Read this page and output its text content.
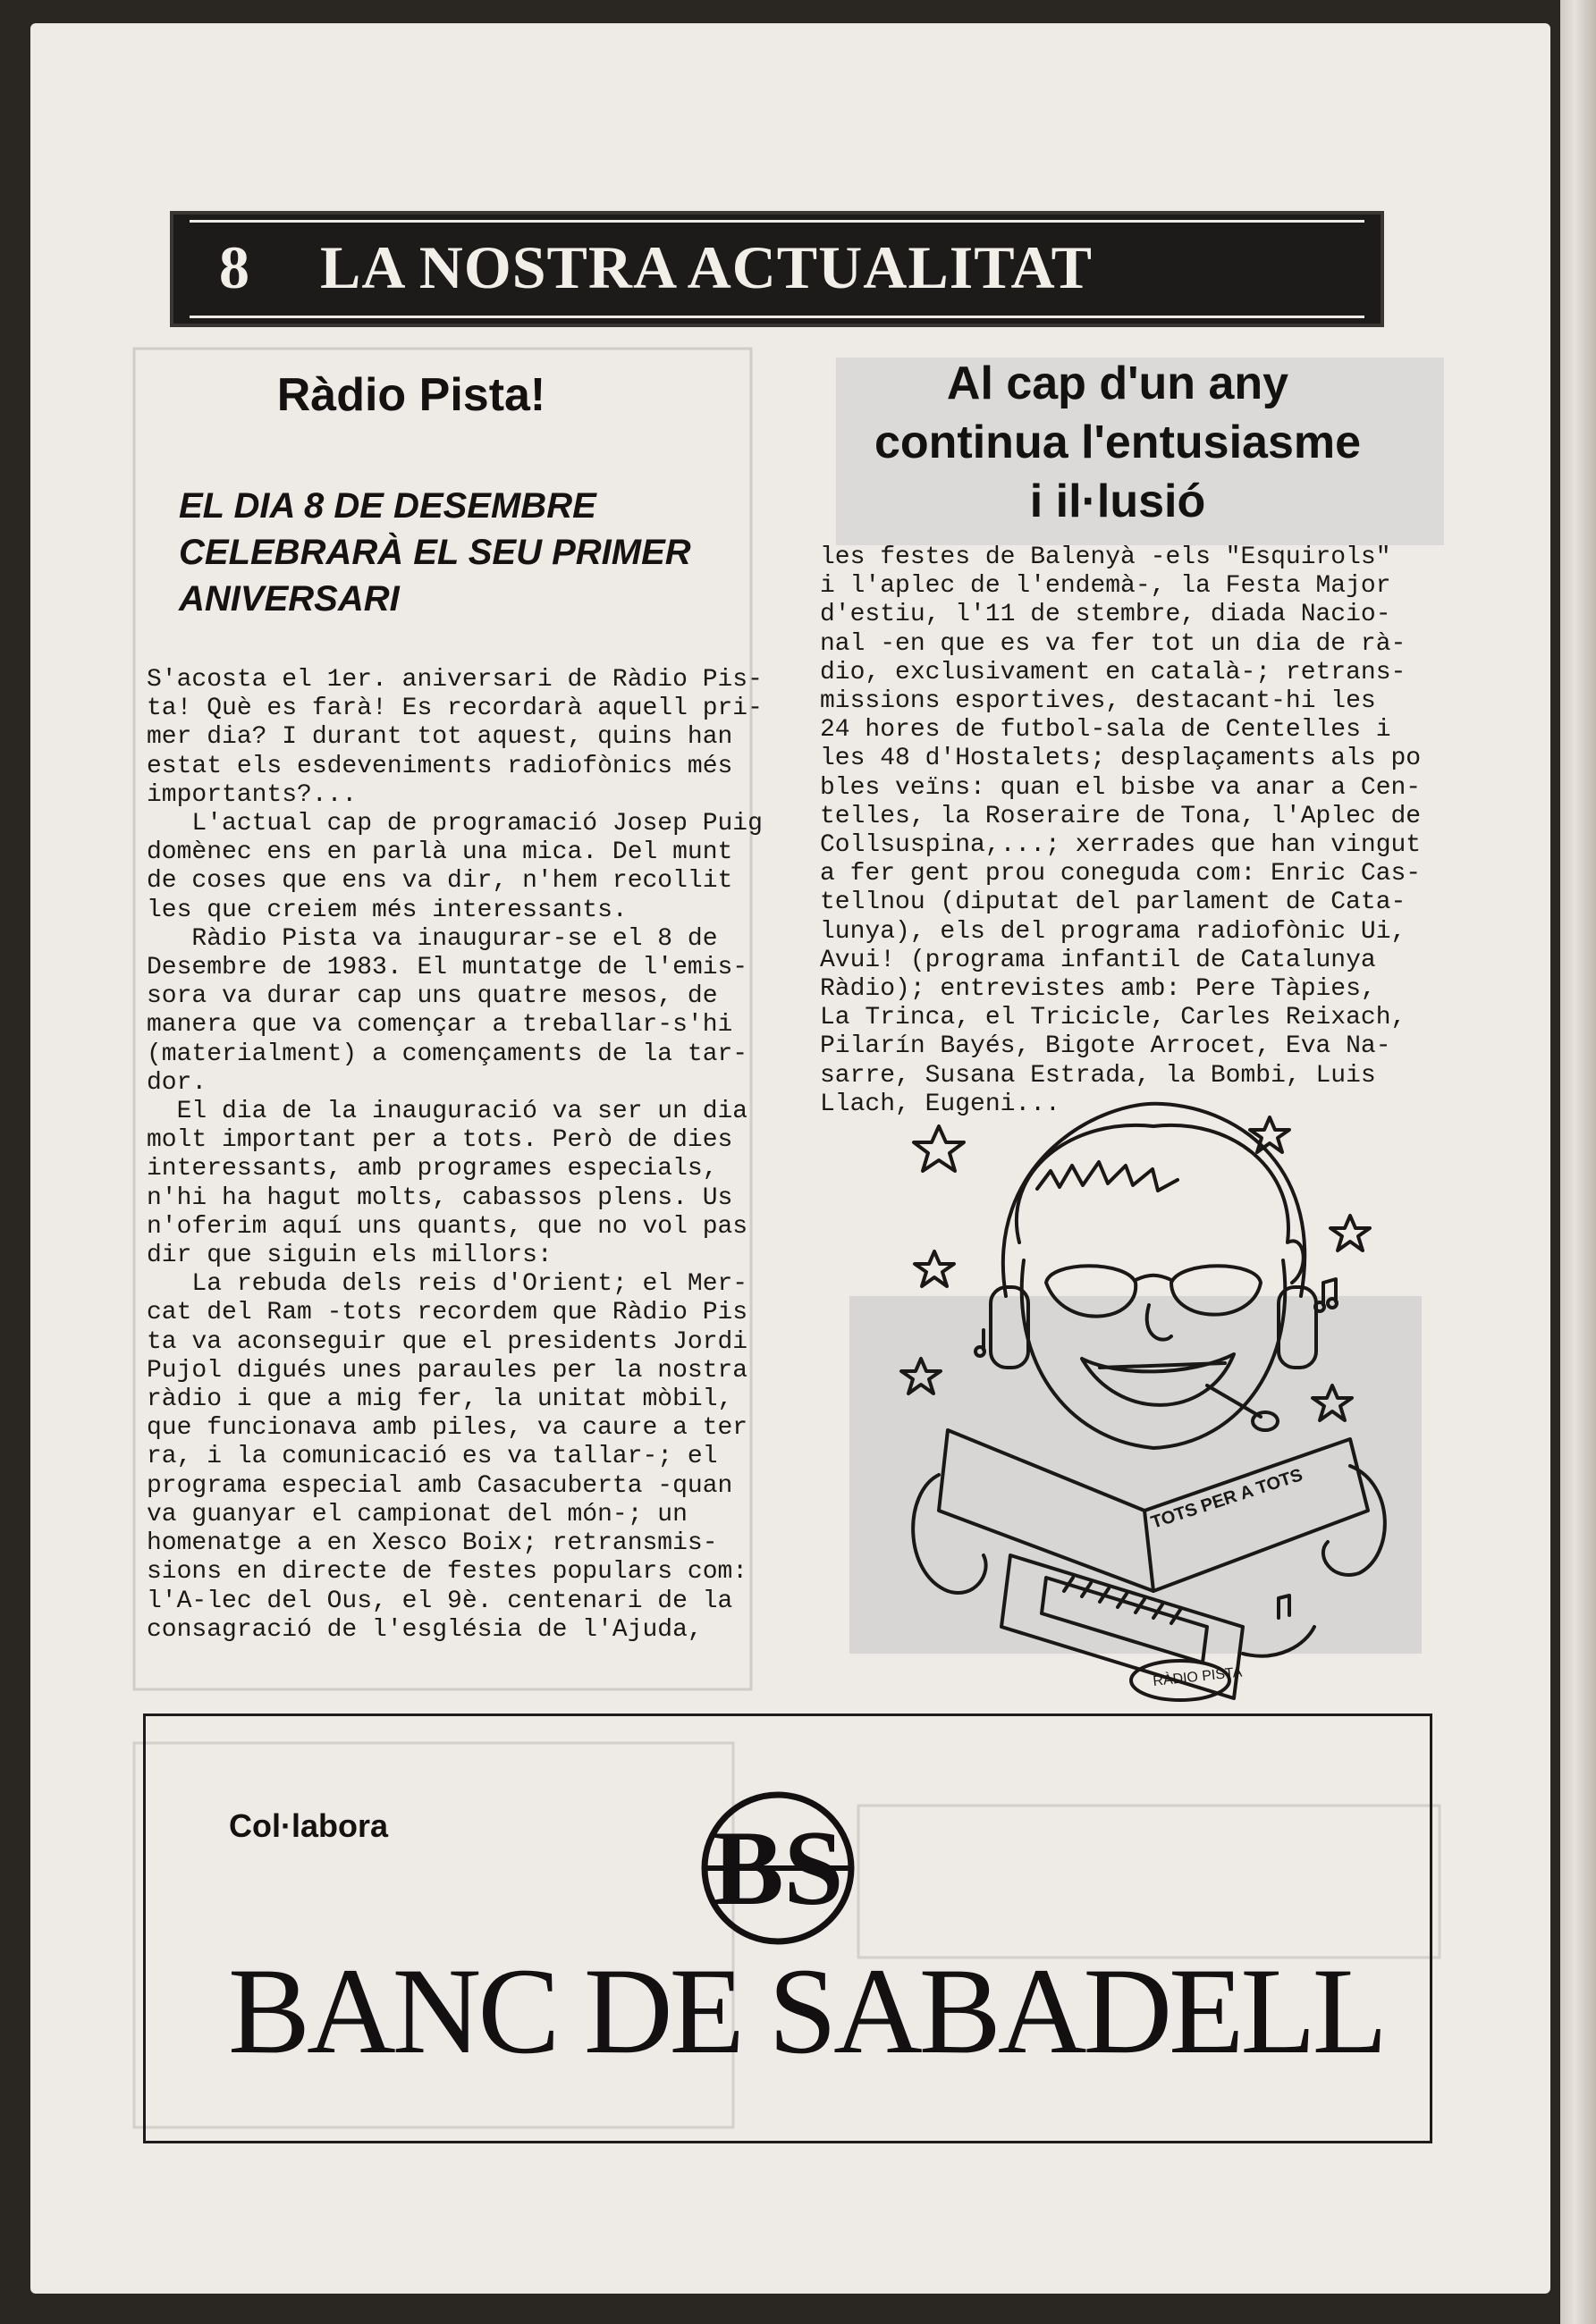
8 LA NOSTRA ACTUALITAT
Ràdio Pista!
EL DIA 8 DE DESEMBRE
CELEBRARÀ EL SEU PRIMER
ANIVERSARI
S'acosta el 1er. aniversari de Ràdio Pis-
ta! Què es farà! Es recordarà aquell pri-
mer dia? I durant tot aquest, quins han
estat els esdeveniments radiofònics més
importants?...
L'actual cap de programació Josep Puig
domènec ens en parlà una mica. Del munt
de coses que ens va dir, n'hem recollit
les que creiem més interessants.
Ràdio Pista va inaugurar-se el 8 de
Desembre de 1983. El muntatge de l'emis-
sora va durar cap uns quatre mesos, de
manera que va començar a treballar-s'hi
(materialment) a començaments de la tar-
dor.
El dia de la inauguració va ser un dia
molt important per a tots. Però de dies
interessants, amb programes especials,
n'hi ha hagut molts, cabassos plens. Us
n'oferim aquí uns quants, que no vol pas
dir que siguin els millors:
La rebuda dels reis d'Orient; el Mer-
cat del Ram -tots recordem que Ràdio Pis
ta va aconseguir que el presidents Jordi
Pujol digués unes paraules per la nostra
ràdio i que a mig fer, la unitat mòbil,
que funcionava amb piles, va caure a ter
ra, i la comunicació es va tallar-; el
programa especial amb Casacuberta -quan
va guanyar el campionat del món-; un
homenatge a en Xesco Boix; retransmis-
sions en directe de festes populars com:
l'A-lec del Ous, el 9è. centenari de la
consagració de l'església de l'Ajuda,
Al cap d'un any
continua l'entusiasme
i il·lusió
les festes de Balenyà -els "Esquirols"
i l'aplec de l'endemà-, la Festa Major
d'estiu, l'11 de stembre, diada Nacio-
nal -en que es va fer tot un dia de rà-
dio, exclusivament en català-; retrans-
missions esportives, destacant-hi les
24 hores de futbol-sala de Centelles i
les 48 d'Hostalets; desplaçaments als po
bles veïns: quan el bisbe va anar a Cen-
telles, la Roseraire de Tona, l'Aplec de
Collsuspina,...; xerrades que han vingut
a fer gent prou coneguda com: Enric Cas-
tellnou (diputat del parlament de Cata-
lunya), els del programa radiofònic Ui,
Avui! (programa infantil de Catalunya
Ràdio); entrevistes amb: Pere Tàpies,
La Trinca, el Tricicle, Carles Reixach,
Pilarín Bayés, Bigote Arrocet, Eva Na-
sarre, Susana Estrada, la Bombi, Luis
Llach, Eugeni...
TOTS PER A TOTS
RÀDIO PISTA
Col·labora	BS
BANC DE SABADELL
